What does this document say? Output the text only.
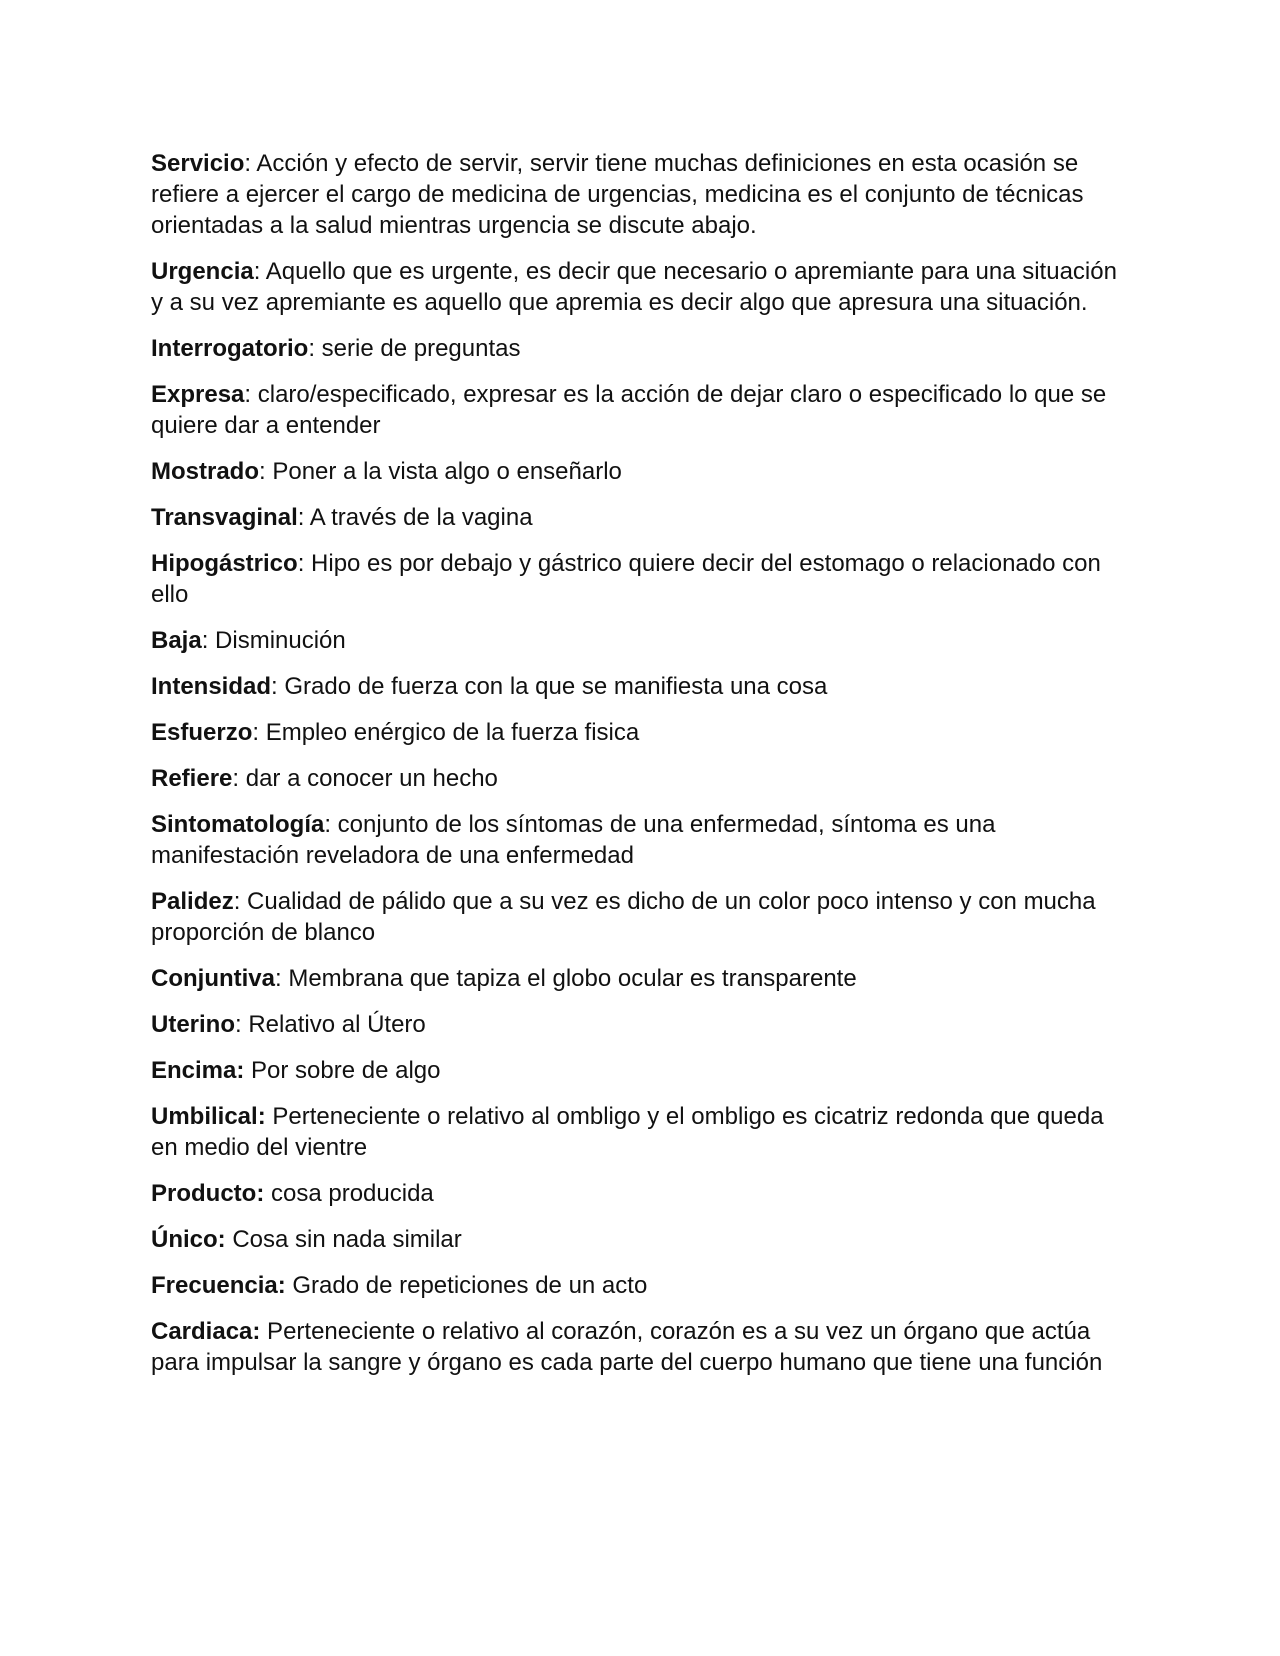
Servicio: Acción y efecto de servir, servir tiene muchas definiciones en esta ocasión se refiere a ejercer el cargo de medicina de urgencias, medicina es el conjunto de técnicas orientadas a la salud mientras urgencia se discute abajo.

Urgencia: Aquello que es urgente, es decir que necesario o apremiante para una situación y a su vez apremiante es aquello que apremia es decir algo que apresura una situación.

Interrogatorio: serie de preguntas

Expresa: claro/especificado, expresar es la acción de dejar claro o especificado lo que se quiere dar a entender

Mostrado: Poner a la vista algo o enseñarlo

Transvaginal: A través de la vagina

Hipogástrico: Hipo es por debajo y gástrico quiere decir del estomago o relacionado con ello

Baja: Disminución

Intensidad: Grado de fuerza con la que se manifiesta una cosa

Esfuerzo: Empleo enérgico de la fuerza fisica

Refiere: dar a conocer un hecho

Sintomatología: conjunto de los síntomas de una enfermedad, síntoma es una manifestación reveladora de una enfermedad

Palidez: Cualidad de pálido que a su vez es dicho de un color poco intenso y con mucha proporción de blanco

Conjuntiva: Membrana que tapiza el globo ocular es transparente

Uterino: Relativo al Útero

Encima: Por sobre de algo

Umbilical: Perteneciente o relativo al ombligo y el ombligo es cicatriz redonda que queda en medio del vientre

Producto: cosa producida

Único: Cosa sin nada similar

Frecuencia: Grado de repeticiones de un acto

Cardiaca: Perteneciente o relativo al corazón, corazón es a su vez un órgano que actúa para impulsar la sangre y órgano es cada parte del cuerpo humano que tiene una función
